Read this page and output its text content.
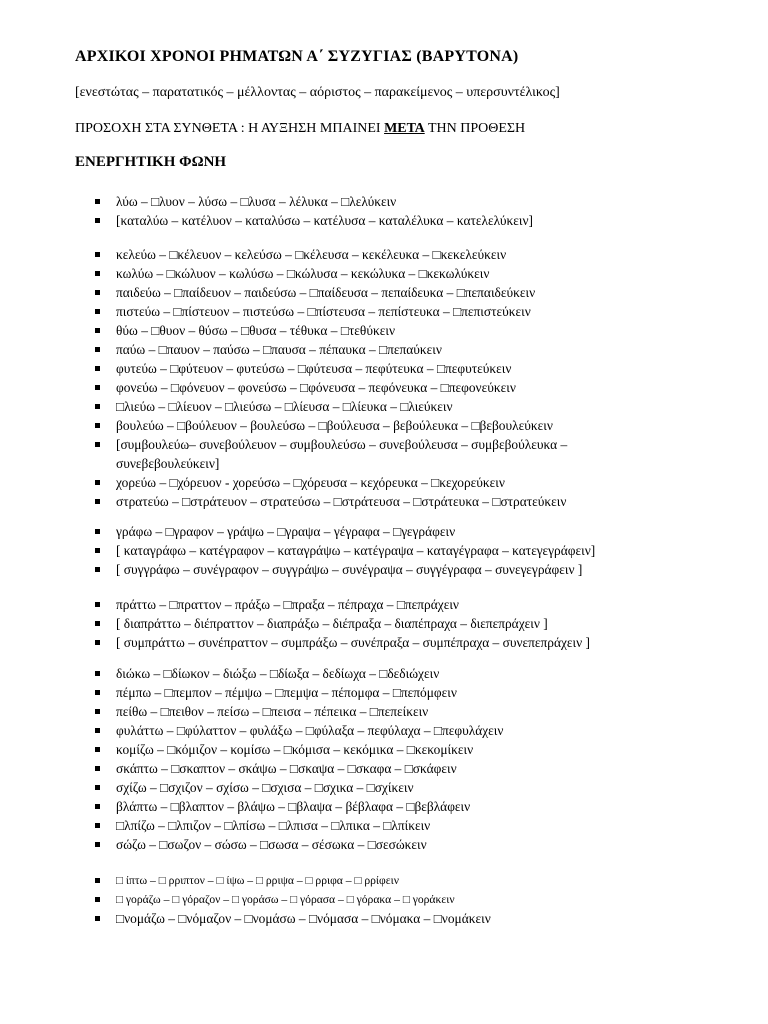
ΑΡΧΙΚΟΙ ΧΡΟΝΟΙ ΡΗΜΑΤΩΝ Α΄ ΣΥΖΥΓΙΑΣ (ΒΑΡΥΤΟΝΑ)
[ενεστώτας – παρατατικός – μέλλοντας – αόριστος – παρακείμενος – υπερσυντέλικος]
ΠΡΟΣΟΧΗ ΣΤΑ ΣΥΝΘΕΤΑ : Η ΑΥΞΗΣΗ ΜΠΑΙΝΕΙ ΜΕΤΑ ΤΗΝ ΠΡΟΘΕΣΗ
ΕΝΕΡΓΗΤΙΚΗ ΦΩΝΗ
λύω – □λυον – λύσω – □λυσα – λέλυκα – □λελύκειν
[καταλύω – κατέλυον – καταλύσω – κατέλυσα – καταλέλυκα – κατελελύκειν]
κελεύω – □κέλευον – κελεύσω – □κέλευσα – κεκέλευκα – □κεκελεύκειν
κωλύω – □κώλυον – κωλύσω – □κώλυσα – κεκώλυκα – □κεκωλύκειν
παιδεύω – □παίδευον – παιδεύσω – □παίδευσα – πεπαίδευκα – □πεπαιδεύκειν
πιστεύω – □πίστευον – πιστεύσω – □πίστευσα – πεπίστευκα – □πεπιστεύκειν
θύω – □θυον – θύσω – □θυσα – τέθυκα – □τεθύκειν
παύω – □παυον – παύσω – □παυσα – πέπαυκα – □πεπαύκειν
φυτεύω – □φύτευον – φυτεύσω – □φύτευσα – πεφύτευκα – □πεφυτεύκειν
φονεύω – □φόνευον – φονεύσω – □φόνευσα – πεφόνευκα – □πεφονεύκειν
□λιεύω – □λίευον – □λιεύσω – □λίευσα – □λίευκα – □λιεύκειν
βουλεύω – □βούλευον – βουλεύσω – □βούλευσα – βεβούλευκα – □βεβουλεύκειν
[συμβουλεύω– συνεβούλευον – συμβουλεύσω – συνεβούλευσα – συμβεβούλευκα – συνεβεβουλεύκειν]
χορεύω – □χόρευον - χορεύσω – □χόρευσα – κεχόρευκα – □κεχορεύκειν
στρατεύω – □στράτευον – στρατεύσω – □στράτευσα – □στράτευκα – □στρατεύκειν
γράφω – □γραφον – γράψω – □γραψα – γέγραφα – □γεγράφειν
[ καταγράφω – κατέγραφον – καταγράψω – κατέγραψα – καταγέγραφα – κατεγεγράφειν]
[ συγγράφω – συνέγραφον – συγγράψω – συνέγραψα – συγγέγραφα – συνεγεγράφειν ]
πράττω – □πραττον – πράξω – □πραξα – πέπραχα – □πεπράχειν
[ διαπράττω – διέπραττον – διαπράξω – διέπραξα – διαπέπραχα – διεπεπράχειν ]
[ συμπράττω – συνέπραττον – συμπράξω – συνέπραξα – συμπέπραχα – συνεπεπράχειν ]
διώκω – □δίωκον – διώξω – □δίωξα – δεδίωχα – □δεδιώχειν
πέμπω – □πεμπον – πέμψω – □πεμψα – πέπομφα – □πεπόμφειν
πείθω – □πειθον – πείσω – □πεισα – πέπεικα – □πεπείκειν
φυλάττω – □φύλαττον – φυλάξω – □φύλαξα – πεφύλαχα – □πεφυλάχειν
κομίζω – □κόμιζον – κομίσω – □κόμισα – κεκόμικα – □κεκομίκειν
σκάπτω – □σκαπτον – σκάψω – □σκαψα – □σκαφα – □σκάφειν
σχίζω – □σχιζον – σχίσω – □σχισα – □σχικα – □σχίκειν
βλάπτω – □βλαπτον – βλάψω – □βλαψα – βέβλαφα – □βεβλάφειν
□λπίζω – □λπιζον – □λπίσω – □λπισα – □λπικα – □λπίκειν
σώζω – □σωζον – σώσω – □σωσα – σέσωκα – □σεσώκειν
□ ίπτω – □ ρριπτον – □ ίψω – □ ρριψα – □ ρριφα – □ ρρίφειν
□ γοράζω – □ γόραζον – □ γοράσω – □ γόρασα – □ γόρακα – □ γοράκειν
□νομάζω – □νόμαζον – □νομάσω – □νόμασα – □νόμακα – □νομάκειν
